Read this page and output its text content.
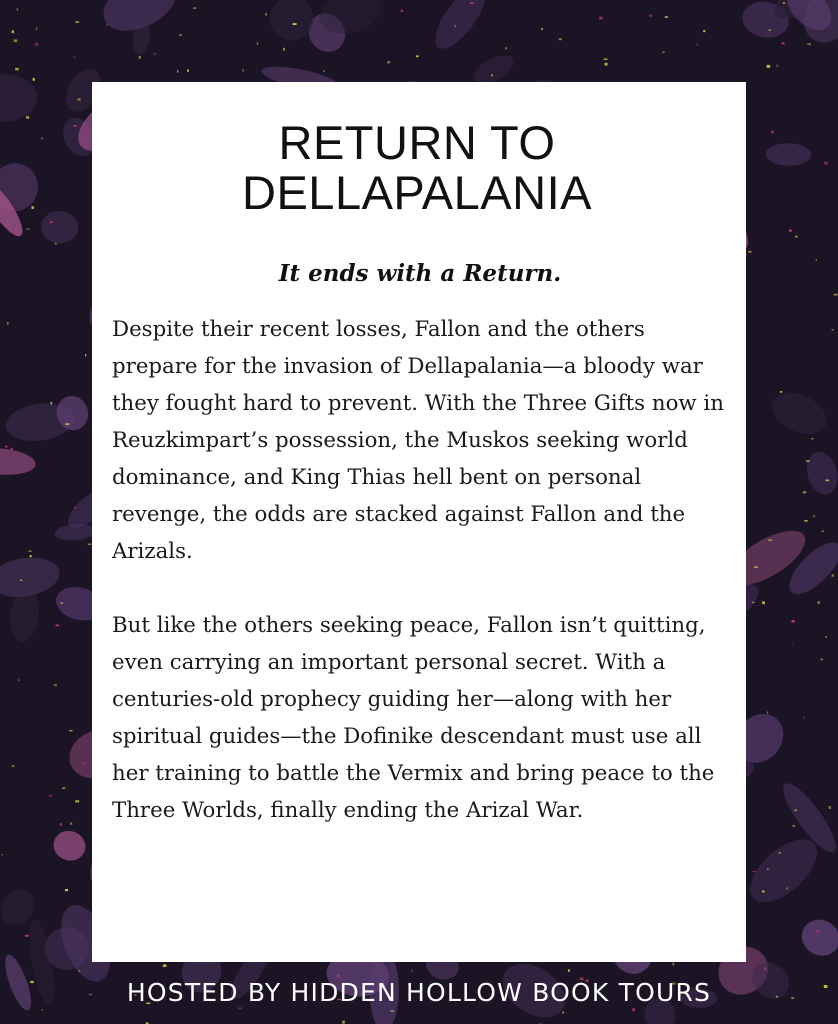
RETURN TO
DELLAPALANIA
It ends with a Return.

Despite their recent losses, Fallon and the others prepare for the invasion of Dellapalania—a bloody war they fought hard to prevent. With the Three Gifts now in Reuzkimpart’s possession, the Muskos seeking world dominance, and King Thias hell bent on personal revenge, the odds are stacked against Fallon and the Arizals.

But like the others seeking peace, Fallon isn’t quitting, even carrying an important personal secret. With a centuries-old prophecy guiding her—along with her spiritual guides—the Dofinike descendant must use all her training to battle the Vermix and bring peace to the Three Worlds, finally ending the Arizal War.

HOSTED BY HIDDEN HOLLOW BOOK TOURS
